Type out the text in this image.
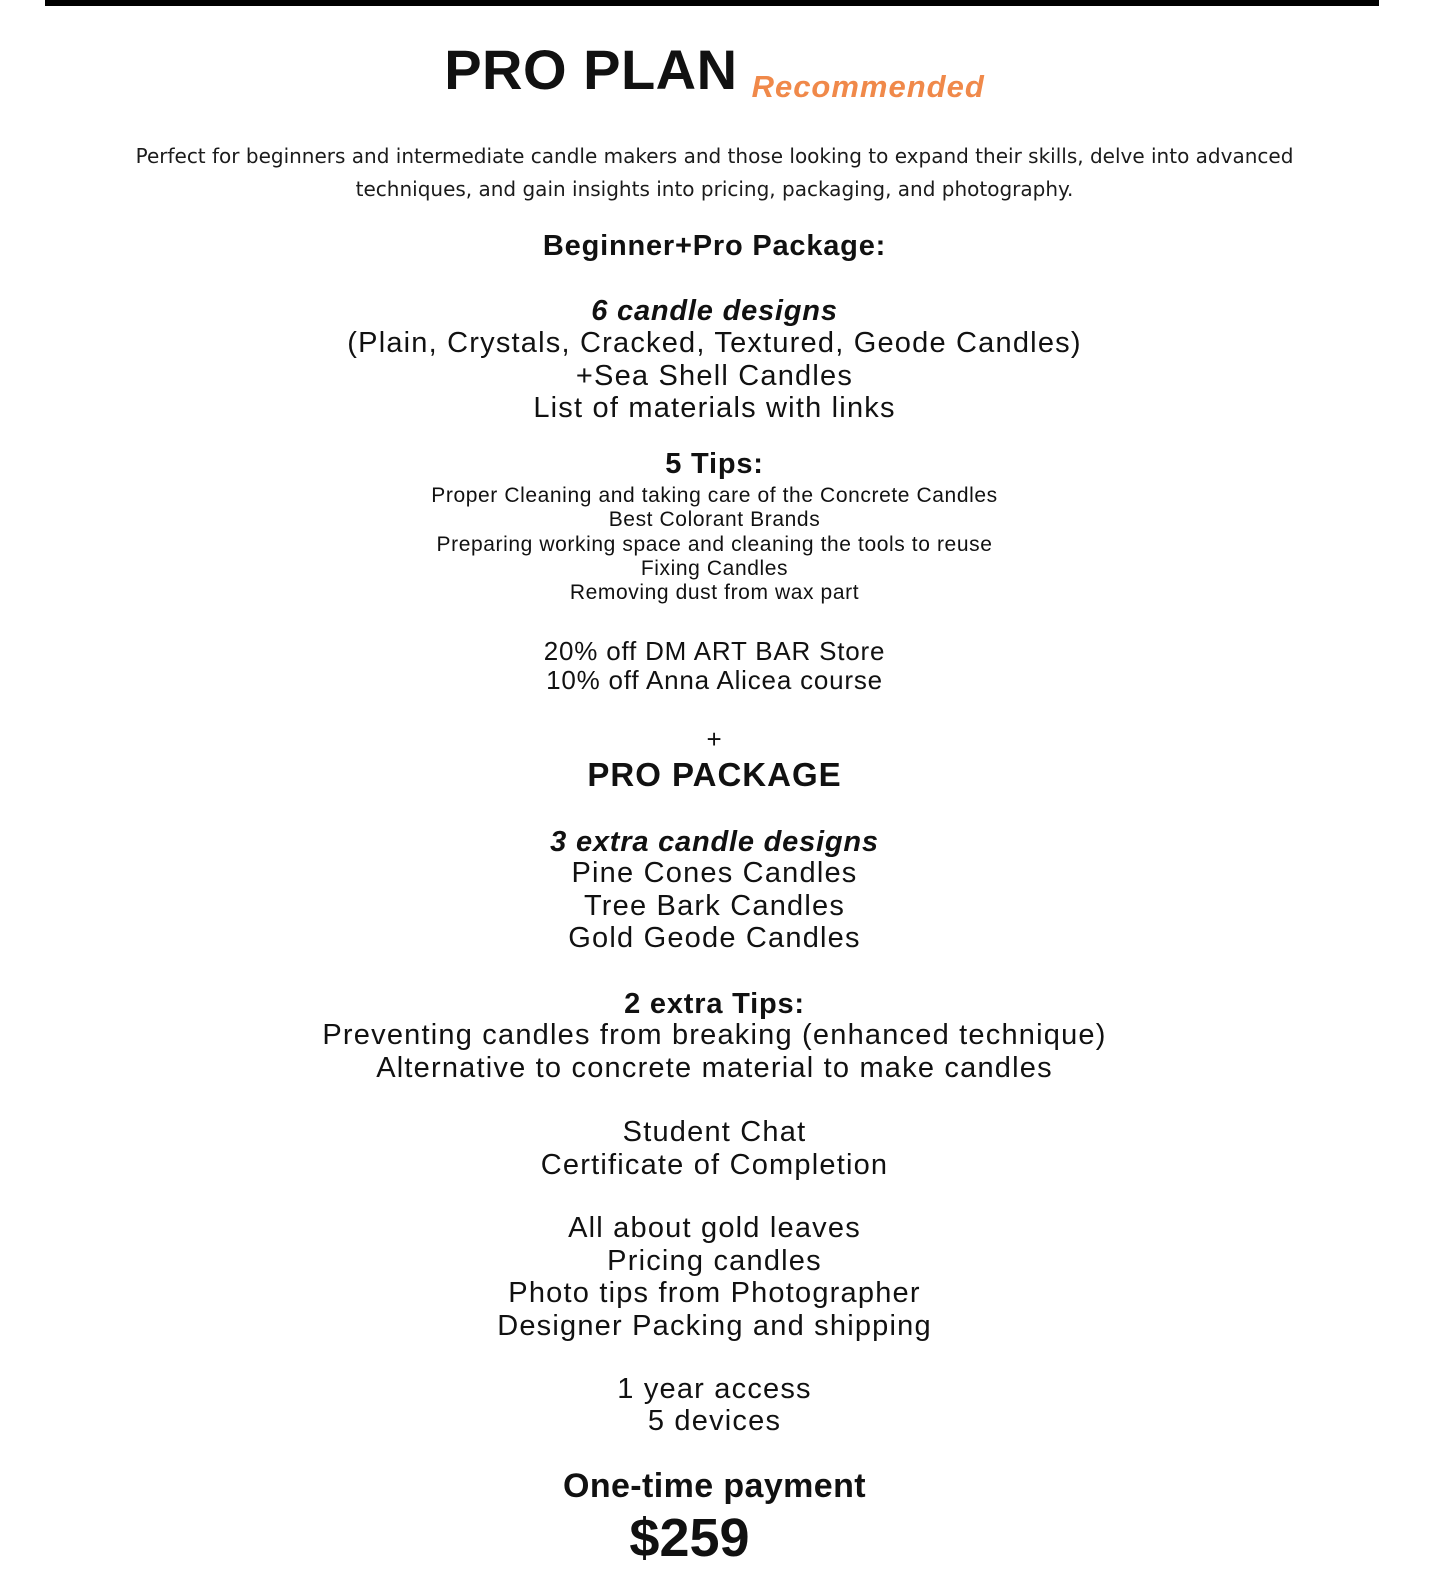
PRO PLAN Recommended
Perfect for beginners and intermediate candle makers and those looking to expand their skills, delve into advanced
techniques, and gain insights into pricing, packaging, and photography.
Beginner+Pro Package:
6 candle designs
(Plain, Crystals, Cracked, Textured, Geode Candles)
+Sea Shell Candles
List of materials with links
5 Tips:
Proper Cleaning and taking care of the Concrete Candles
Best Colorant Brands
Preparing working space and cleaning the tools to reuse
Fixing Candles
Removing dust from wax part
20% off DM ART BAR Store
10% off Anna Alicea course
+
PRO PACKAGE
3 extra candle designs
Pine Cones Candles
Tree Bark Candles
Gold Geode Candles
2 extra Tips:
Preventing candles from breaking (enhanced technique)
Alternative to concrete material to make candles
Student Chat
Certificate of Completion
All about gold leaves
Pricing candles
Photo tips from Photographer
Designer Packing and shipping
1 year access
5 devices
One-time payment
$259
